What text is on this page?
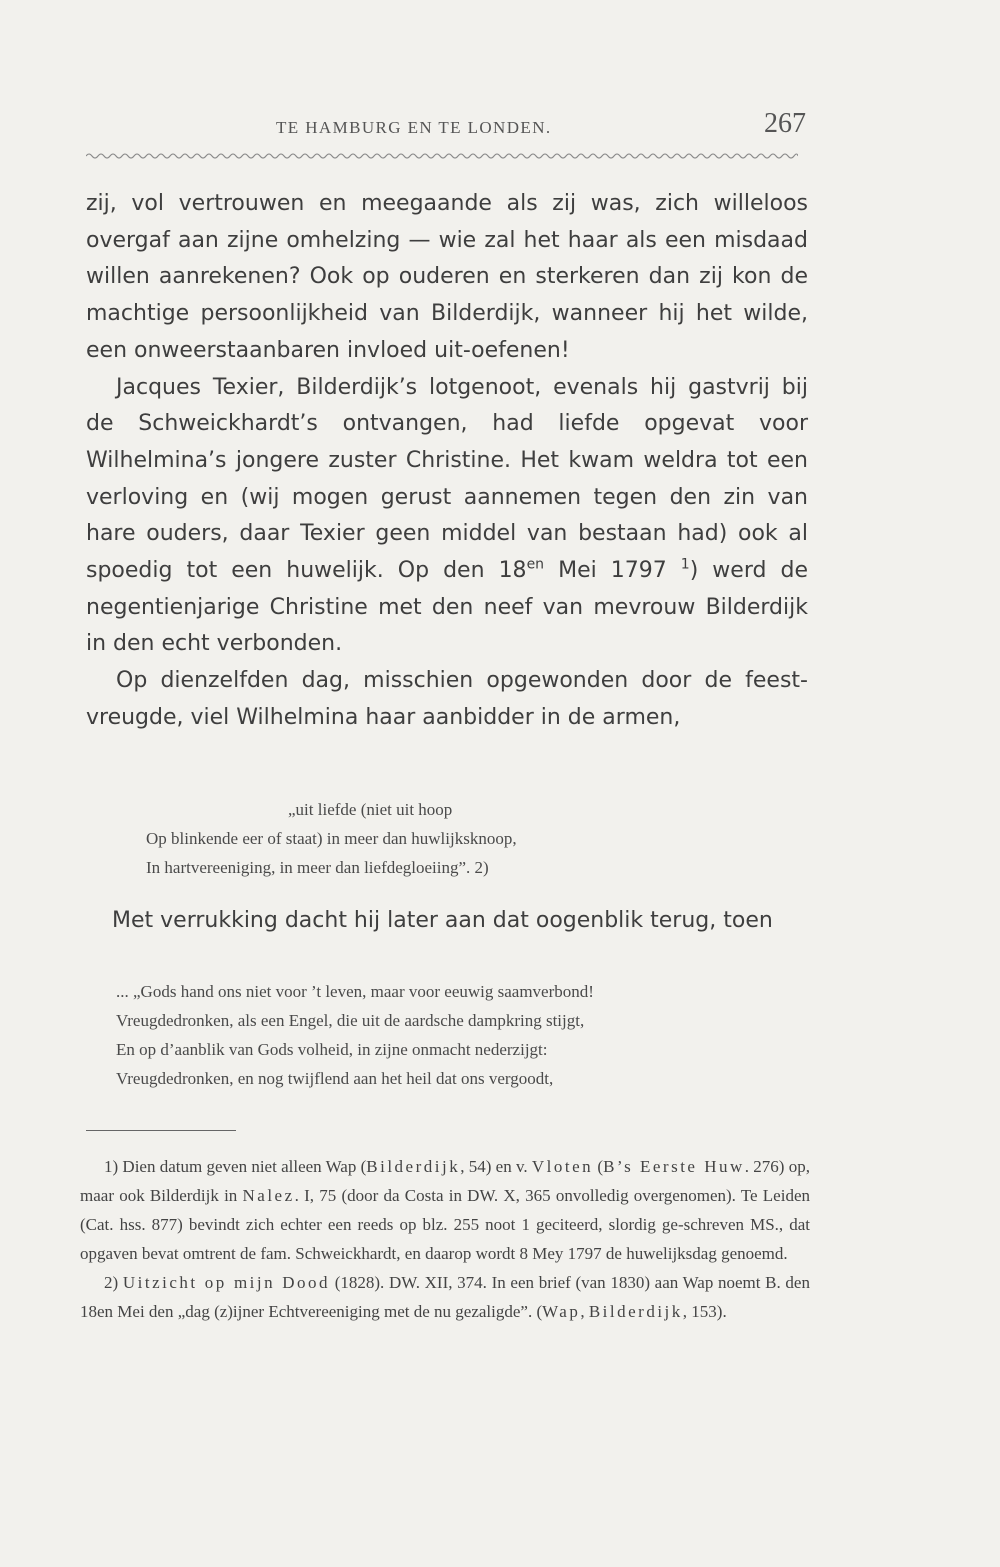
TE HAMBURG EN TE LONDEN.	267

zij, vol vertrouwen en meegaande als zij was, zich willeloos overgaf aan zijne omhelzing — wie zal het haar als een misdaad willen aanrekenen? Ook op ouderen en sterkeren dan zij kon de machtige persoonlijkheid van Bilderdijk, wanneer hij het wilde, een onweerstaanbaren invloed uit-oefenen!

Jacques Texier, Bilderdijk’s lotgenoot, evenals hij gastvrij bij de Schweickhardt’s ontvangen, had liefde opgevat voor Wilhelmina’s jongere zuster Christine. Het kwam weldra tot een verloving en (wij mogen gerust aannemen tegen den zin van hare ouders, daar Texier geen middel van bestaan had) ook al spoedig tot een huwelijk. Op den $18^{en}$ Mei 1797 $^1$) werd de negentienjarige Christine met den neef van mevrouw Bilderdijk in den echt verbonden.

Op dienzelfden dag, misschien opgewonden door de feest-vreugde, viel Wilhelmina haar aanbidder in de armen,

„uit liefde (niet uit hoop
Op blinkende eer of staat) in meer dan huwlijksknoop,
In hartvereeniging, in meer dan liefdegloeiing”. 2)
Met verrukking dacht hij later aan dat oogenblik terug, toen
... „Gods hand ons niet voor ’t leven, maar voor eeuwig saamverbond!
Vreugdedronken, als een Engel, die uit de aardsche dampkring stijgt,
En op d’aanblik van Gods volheid, in zijne onmacht nederzijgt:
Vreugdedronken, en nog twijflend aan het heil dat ons vergoodt,

1) Dien datum geven niet alleen Wap (Bilderdijk, 54) en v. Vloten (B’s Eerste Huw. 276) op, maar ook Bilderdijk in Nalez. I, 75 (door da Costa in DW. X, 365 onvolledig overgenomen). Te Leiden (Cat. hss. 877) bevindt zich echter een reeds op blz. 255 noot 1 geciteerd, slordig ge-schreven MS., dat opgaven bevat omtrent de fam. Schweickhardt, en daarop wordt 8 Mey 1797 de huwelijksdag genoemd.

2) Uitzicht op mijn Dood (1828). DW. XII, 374. In een brief (van 1830) aan Wap noemt B. den 18en Mei den „dag (z)ijner Echtvereeniging met de nu gezaligde”. (Wap, Bilderdijk, 153).
